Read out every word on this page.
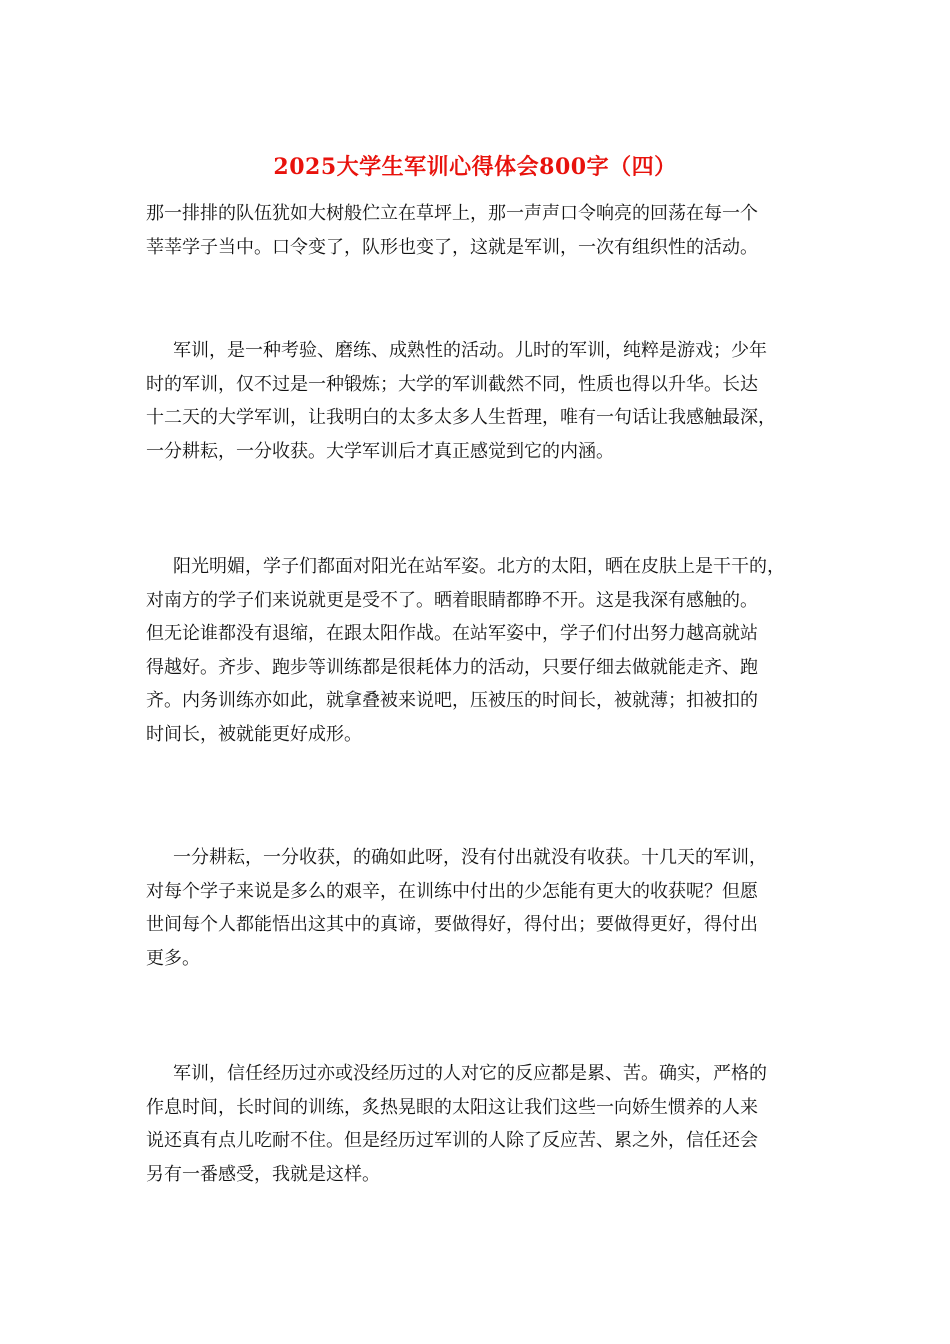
2025大学生军训心得体会800字（四）

那一排排的队伍犹如大树般伫立在草坪上，那一声声口令响亮的回荡在每一个
莘莘学子当中。口令变了，队形也变了，这就是军训，一次有组织性的活动。

军训，是一种考验、磨练、成熟性的活动。儿时的军训，纯粹是游戏；少年
时的军训，仅不过是一种锻炼；大学的军训截然不同，性质也得以升华。长达
十二天的大学军训，让我明白的太多太多人生哲理，唯有一句话让我感触最深，
一分耕耘，一分收获。大学军训后才真正感觉到它的内涵。

阳光明媚，学子们都面对阳光在站军姿。北方的太阳，晒在皮肤上是干干的，
对南方的学子们来说就更是受不了。晒着眼睛都睁不开。这是我深有感触的。
但无论谁都没有退缩，在跟太阳作战。在站军姿中，学子们付出努力越高就站
得越好。齐步、跑步等训练都是很耗体力的活动，只要仔细去做就能走齐、跑
齐。内务训练亦如此，就拿叠被来说吧，压被压的时间长，被就薄；扣被扣的
时间长，被就能更好成形。

一分耕耘，一分收获，的确如此呀，没有付出就没有收获。十几天的军训，
对每个学子来说是多么的艰辛，在训练中付出的少怎能有更大的收获呢？但愿
世间每个人都能悟出这其中的真谛，要做得好，得付出；要做得更好，得付出
更多。

军训，信任经历过亦或没经历过的人对它的反应都是累、苦。确实，严格的
作息时间，长时间的训练，炙热晃眼的太阳这让我们这些一向娇生惯养的人来
说还真有点儿吃耐不住。但是经历过军训的人除了反应苦、累之外，信任还会
另有一番感受，我就是这样。
